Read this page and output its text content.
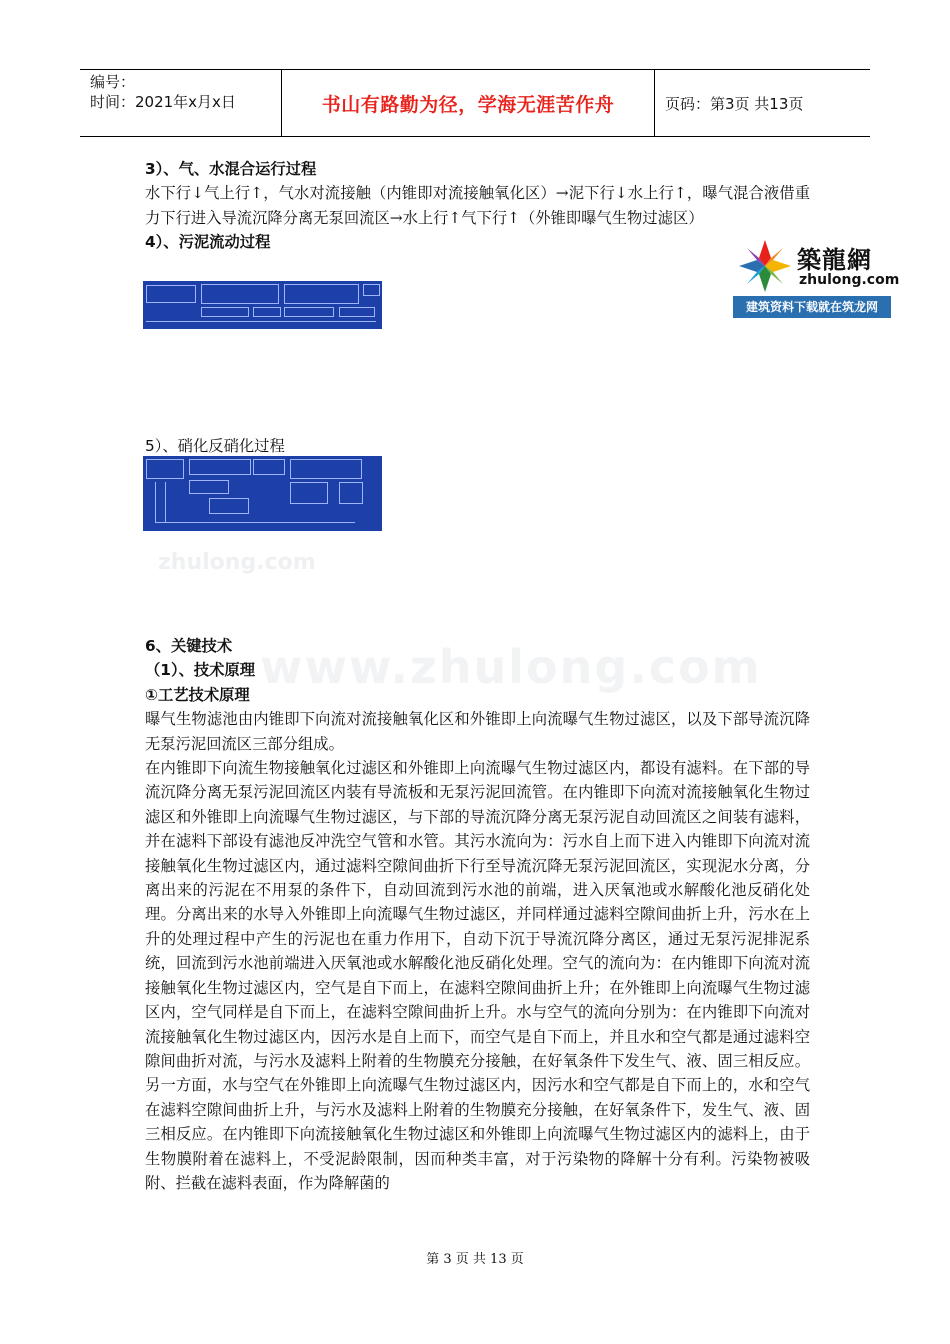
编号：
时间：2021年x月x日	书山有路勤为径，学海无涯苦作舟	页码：第3页 共13页

3）、气、水混合运行过程

水下行↓气上行↑，气水对流接触（内锥即对流接触氧化区）→泥下行↓水上行↑，曝气混合液借重力下行进入导流沉降分离无泵回流区→水上行↑气下行↑（外锥即曝气生物过滤区）

4）、污泥流动过程

5）、硝化反硝化过程

築龍網
zhulong.com
建筑资料下载就在筑龙网
zhulong.com
www.zhulong.com

6、关键技术

（1）、技术原理

①工艺技术原理

曝气生物滤池由内锥即下向流对流接触氧化区和外锥即上向流曝气生物过滤区，以及下部导流沉降无泵污泥回流区三部分组成。

在内锥即下向流生物接触氧化过滤区和外锥即上向流曝气生物过滤区内，都设有滤料。在下部的导流沉降分离无泵污泥回流区内装有导流板和无泵污泥回流管。在内锥即下向流对流接触氧化生物过滤区和外锥即上向流曝气生物过滤区，与下部的导流沉降分离无泵污泥自动回流区之间装有滤料，并在滤料下部设有滤池反冲洗空气管和水管。其污水流向为：污水自上而下进入内锥即下向流对流接触氧化生物过滤区内，通过滤料空隙间曲折下行至导流沉降无泵污泥回流区，实现泥水分离，分离出来的污泥在不用泵的条件下，自动回流到污水池的前端，进入厌氧池或水解酸化池反硝化处理。分离出来的水导入外锥即上向流曝气生物过滤区，并同样通过滤料空隙间曲折上升，污水在上升的处理过程中产生的污泥也在重力作用下，自动下沉于导流沉降分离区，通过无泵污泥排泥系统，回流到污水池前端进入厌氧池或水解酸化池反硝化处理。空气的流向为：在内锥即下向流对流接触氧化生物过滤区内，空气是自下而上，在滤料空隙间曲折上升；在外锥即上向流曝气生物过滤区内，空气同样是自下而上，在滤料空隙间曲折上升。水与空气的流向分别为：在内锥即下向流对流接触氧化生物过滤区内，因污水是自上而下，而空气是自下而上，并且水和空气都是通过滤料空隙间曲折对流，与污水及滤料上附着的生物膜充分接触，在好氧条件下发生气、液、固三相反应。另一方面，水与空气在外锥即上向流曝气生物过滤区内，因污水和空气都是自下而上的，水和空气在滤料空隙间曲折上升，与污水及滤料上附着的生物膜充分接触，在好氧条件下，发生气、液、固三相反应。在内锥即下向流接触氧化生物过滤区和外锥即上向流曝气生物过滤区内的滤料上，由于生物膜附着在滤料上，不受泥龄限制，因而种类丰富，对于污染物的降解十分有利。污染物被吸附、拦截在滤料表面，作为降解菌的

第 3 页 共 13 页
